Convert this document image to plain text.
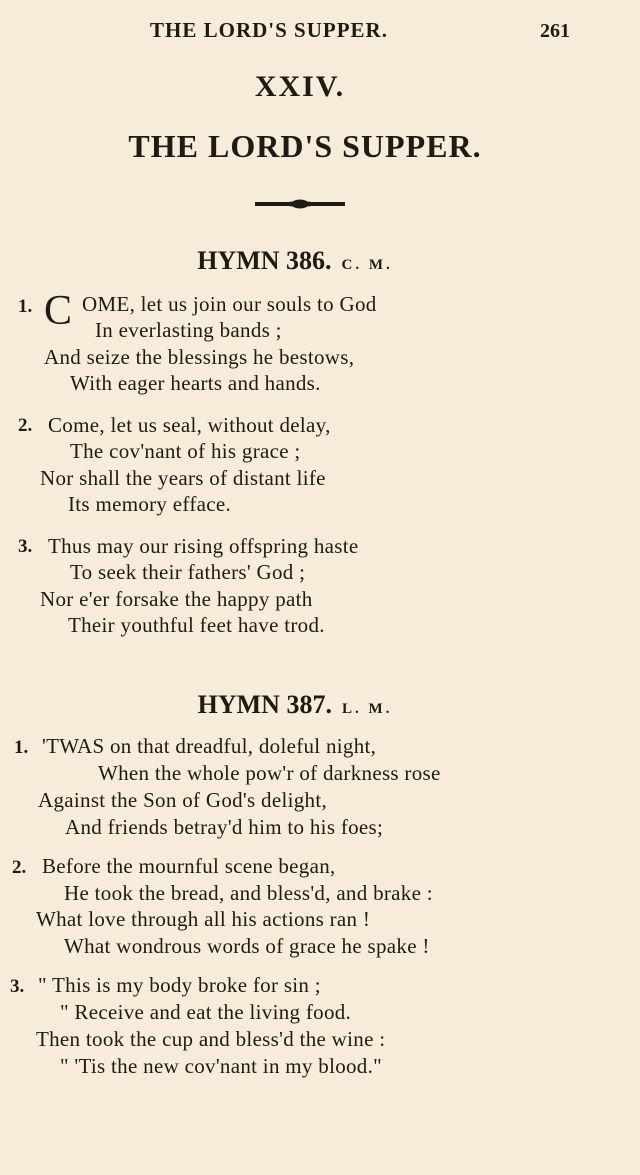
THE LORD'S SUPPER.	261
XXIV.
THE LORD'S SUPPER.
HYMN 386. C. M.
1. C OME, let us join our souls to God
In everlasting bands ;
And seize the blessings he bestows,
With eager hearts and hands.
2. Come, let us seal, without delay,
The cov'nant of his grace ;
Nor shall the years of distant life
Its memory efface.
3. Thus may our rising offspring haste
To seek their fathers' God ;
Nor e'er forsake the happy path
Their youthful feet have trod.
HYMN 387. L. M.
1. 'TWAS on that dreadful, doleful night,
When the whole pow'r of darkness rose
Against the Son of God's delight,
And friends betray'd him to his foes;
2. Before the mournful scene began,
He took the bread, and bless'd, and brake :
What love through all his actions ran !
What wondrous words of grace he spake !
3. " This is my body broke for sin ;
" Receive and eat the living food.
Then took the cup and bless'd the wine :
" 'Tis the new cov'nant in my blood."
